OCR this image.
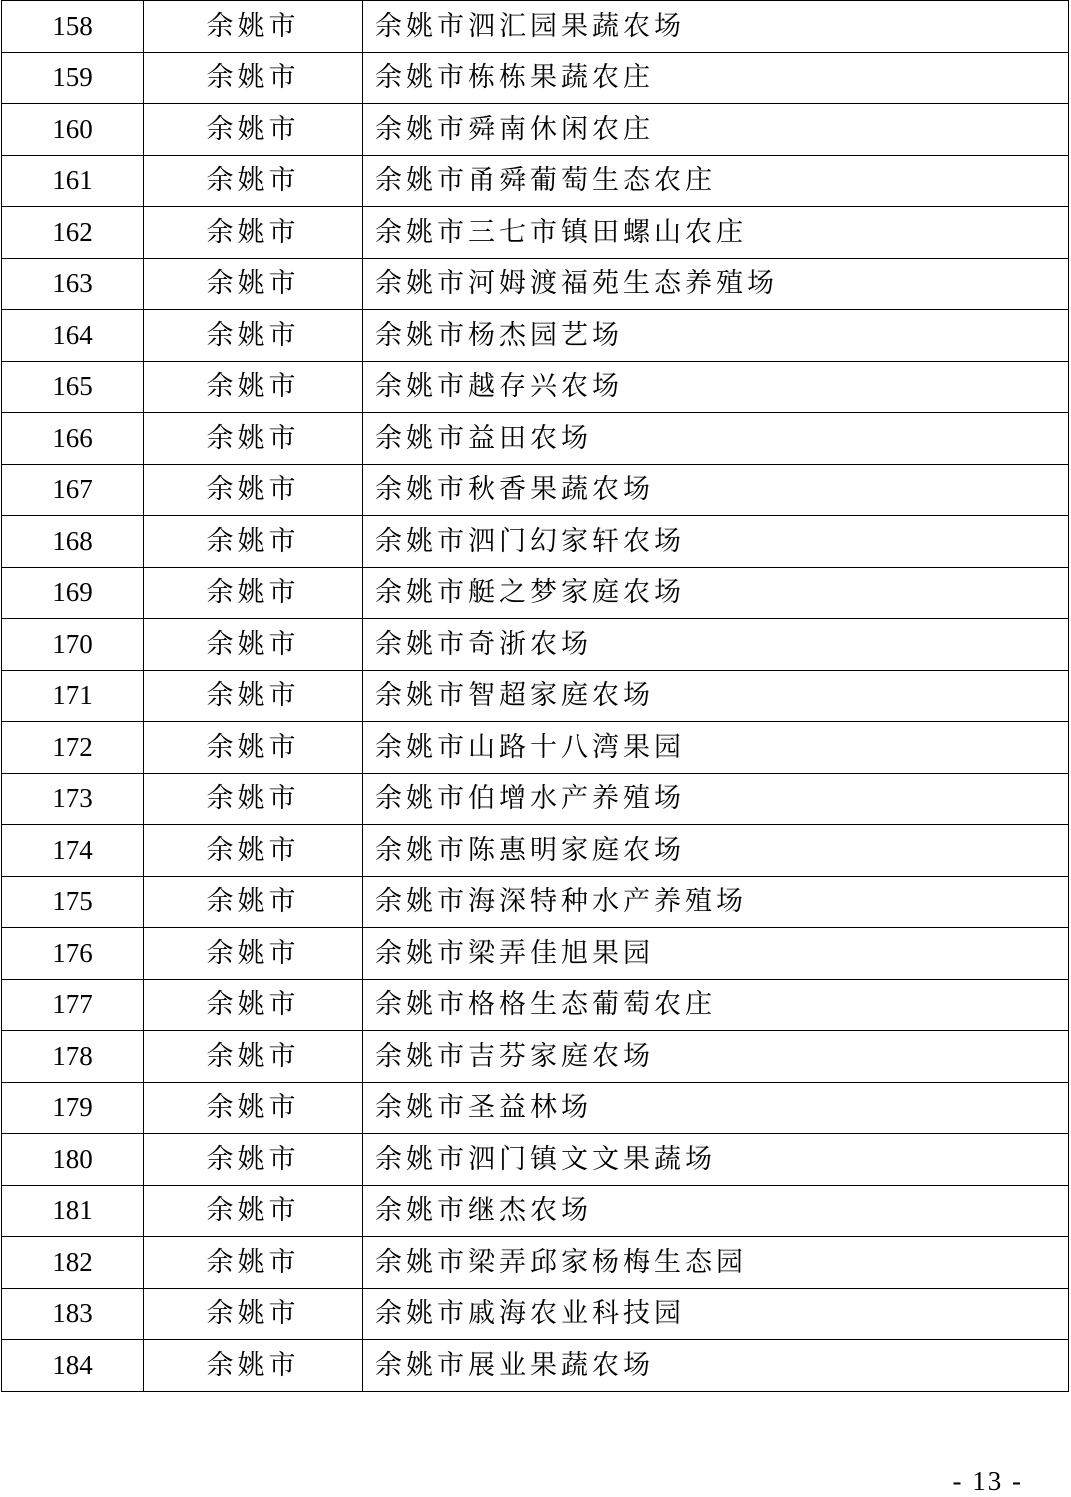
158	余姚市	余姚市泗汇园果蔬农场
159	余姚市	余姚市栋栋果蔬农庄
160	余姚市	余姚市舜南休闲农庄
161	余姚市	余姚市甬舜葡萄生态农庄
162	余姚市	余姚市三七市镇田螺山农庄
163	余姚市	余姚市河姆渡福苑生态养殖场
164	余姚市	余姚市杨杰园艺场
165	余姚市	余姚市越存兴农场
166	余姚市	余姚市益田农场
167	余姚市	余姚市秋香果蔬农场
168	余姚市	余姚市泗门幻家轩农场
169	余姚市	余姚市艇之梦家庭农场
170	余姚市	余姚市奇浙农场
171	余姚市	余姚市智超家庭农场
172	余姚市	余姚市山路十八湾果园
173	余姚市	余姚市伯增水产养殖场
174	余姚市	余姚市陈惠明家庭农场
175	余姚市	余姚市海深特种水产养殖场
176	余姚市	余姚市梁弄佳旭果园
177	余姚市	余姚市格格生态葡萄农庄
178	余姚市	余姚市吉芬家庭农场
179	余姚市	余姚市圣益林场
180	余姚市	余姚市泗门镇文文果蔬场
181	余姚市	余姚市继杰农场
182	余姚市	余姚市梁弄邱家杨梅生态园
183	余姚市	余姚市戚海农业科技园
184	余姚市	余姚市展业果蔬农场
- 13 -
